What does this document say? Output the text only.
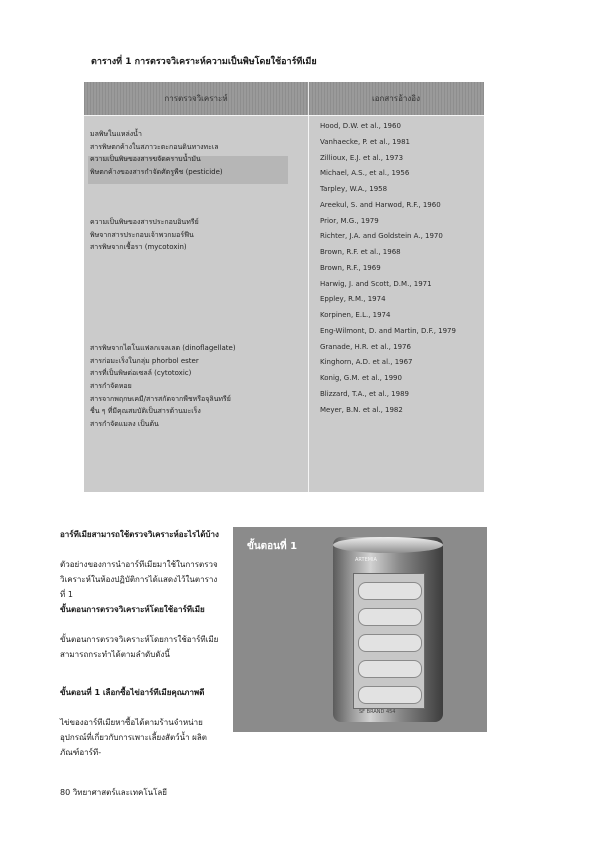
ตารางที่ 1 การตรวจวิเคราะห์ความเป็นพิษโดยใช้อาร์ทีเมีย
การตรวจวิเคราะห์	เอกสารอ้างอิง
มลพิษในแหล่งน้ำ
สารพิษตกค้างในสภาวะตะกอนดินทางทะเล
ความเป็นพิษของสารขจัดคราบน้ำมัน
พิษตกค้างของสารกำจัดศัตรูพืช (pesticide)
ความเป็นพิษของสารประกอบอินทรีย์
พิษจากสารประกอบเจ้าพวกมอร์ฟีน
สารพิษจากเชื้อรา (mycotoxin)
สารพิษจากไดโนแฟลกเจลเลต (dinoflagellate)
สารก่อมะเร็งในกลุ่ม phorbol ester
สารที่เป็นพิษต่อเซลล์ (cytotoxic)
สารกำจัดหอย
สารจากพฤกษเคมี/สารสกัดจากพืชหรือจุลินทรีย์
ชื่น ๆ ที่มีคุณสมบัติเป็นสารต้านมะเร็ง
สารกำจัดแมลง เป็นต้น
Hood, D.W. et al., 1960
Vanhaecke, P. et al., 1981
Zillioux, E.J. et al., 1973
Michael, A.S., et al., 1956
Tarpley, W.A., 1958
Areekul, S. and Harwod, R.F., 1960
Prior, M.G., 1979
Richter, J.A. and Goldstein A., 1970
Brown, R.F. et al., 1968
Brown, R.F., 1969
Harwig, J. and Scott, D.M., 1971
Eppley, R.M., 1974
Korpinen, E.L., 1974
Eng-Wilmont, D. and Martin, D.F., 1979
Granade, H.R. et al., 1976
Kinghorn, A.D. et al., 1967
Konig, G.M. et al., 1990
Blizzard, T.A., et al., 1989
Meyer, B.N. et al., 1982
อาร์ทีเมียสามารถใช้ตรวจวิเคราะห์อะไรได้บ้าง
ตัวอย่างของการนำอาร์ทีเมียมาใช้ในการตรวจวิเคราะห์ในห้องปฏิบัติการได้แสดงไว้ในตารางที่ 1
ขั้นตอนการตรวจวิเคราะห์โดยใช้อาร์ทีเมีย
ขั้นตอนการตรวจวิเคราะห์โดยการใช้อาร์ทีเมียสามารถกระทำได้ตามลำดับดังนี้
ขั้นตอนที่ 1 เลือกซื้อไข่อาร์ทีเมียคุณภาพดี
ไข่ของอาร์ทีเมียหาซื้อได้ตามร้านจำหน่ายอุปกรณ์ที่เกี่ยวกับการเพาะเลี้ยงสัตว์น้ำ ผลิตภัณฑ์อาร์ที-
ขั้นตอนที่ 1
ARTEMIA
SF BRAND 454
80 วิทยาศาสตร์และเทคโนโลยี
